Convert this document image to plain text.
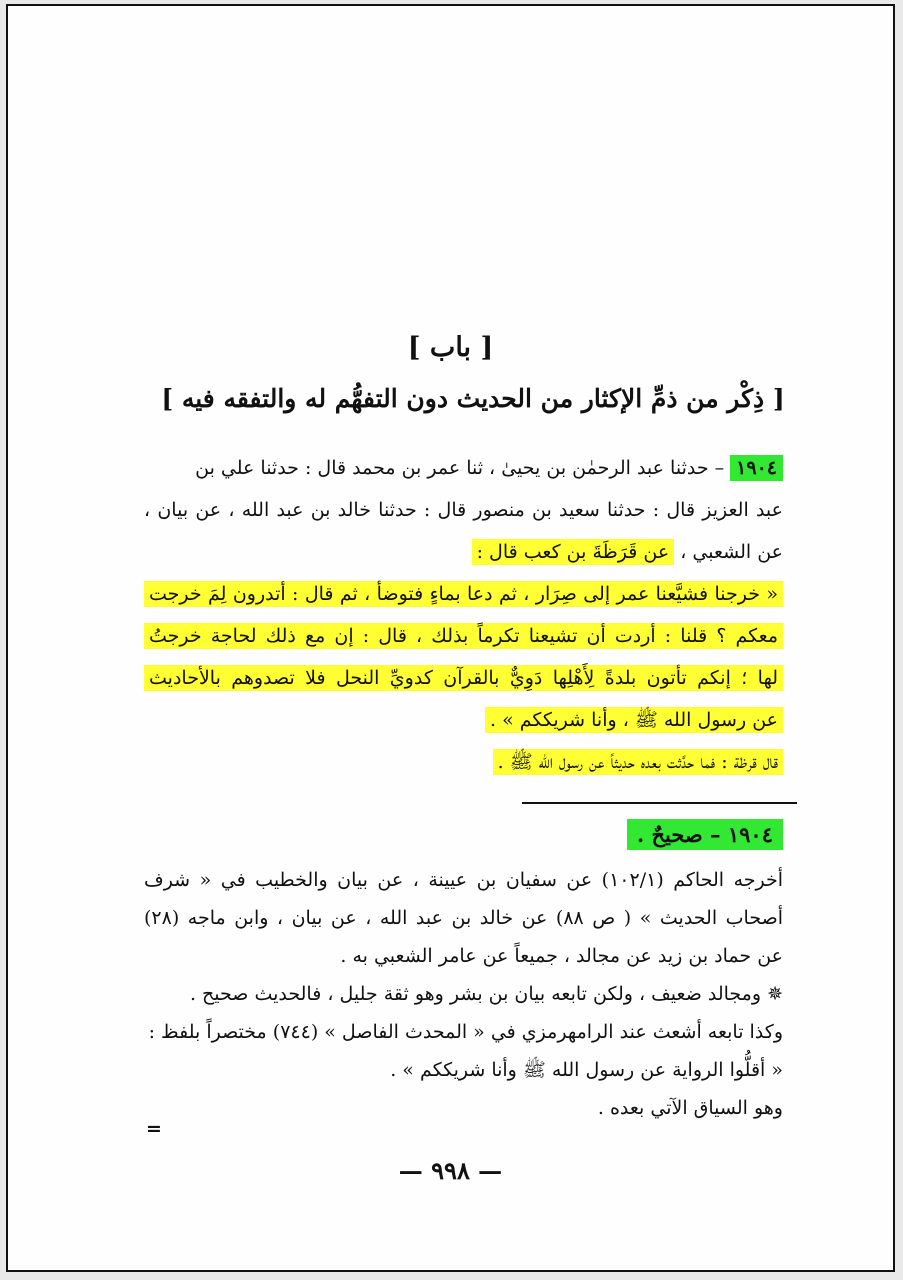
[ باب ]
[ ذِكْر من ذمِّ الإكثار من الحديث دون التفهُّم له والتفقه فيه ]
١٩٠٤ – حدثنا عبد الرحمٰن بن يحيىٰ ، ثنا عمر بن محمد قال : حدثنا علي بن
عبد العزيز قال : حدثنا سعيد بن منصور قال : حدثنا خالد بن عبد الله ، عن بيان ،
عن الشعبي ، عن قَرَظَةَ بن كعب قال :
« خرجنا فشيَّعنا عمر إلى صِرَار ، ثم دعا بماءٍ فتوضأ ، ثم قال : أتدرون لِمَ خرجت
معكم ؟ قلنا : أردت أن تشيعنا تكرماً بذلك ، قال : إن مع ذلك لحاجة خرجتُ
لها ؛ إنكم تأتون بلدةً لِأَهْلِها دَوِيٌّ بالقرآن كدويِّ النحل فلا تصدوهم بالأحاديث
عن رسول الله ﷺ ، وأنا شريككم » .
قال قرظة : فما حدَّثت بعده حديثاً عن رسول الله ﷺ .
١٩٠٤ – صحيحٌ .
أخرجه الحاكم (١٠٢/١) عن سفيان بن عيينة ، عن بيان والخطيب في « شرف
أصحاب الحديث » ( ص ٨٨) عن خالد بن عبد الله ، عن بيان ، وابن ماجه (٢٨)
عن حماد بن زيد عن مجالد ، جميعاً عن عامر الشعبي به .
✵ ومجالد ضعيف ، ولكن تابعه بيان بن بشر وهو ثقة جليل ، فالحديث صحيح .
وكذا تابعه أشعث عند الرامهرمزي في « المحدث الفاصل » (٧٤٤) مختصراً بلفظ :
« أقلُّوا الرواية عن رسول الله ﷺ وأنا شريككم » .
وهو السياق الآتي بعده .
=
— ٩٩٨ —
